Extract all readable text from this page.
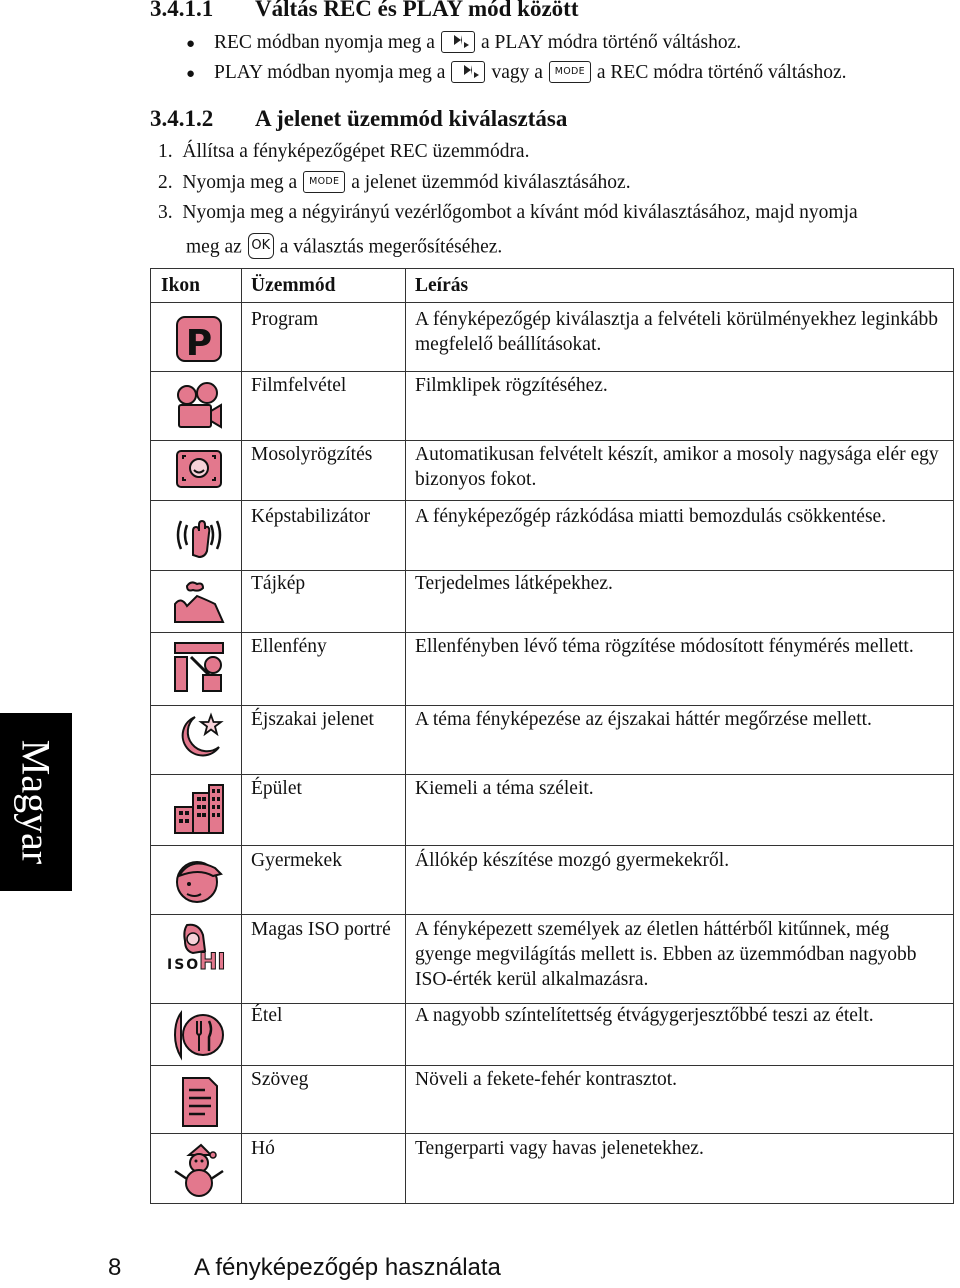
3.4.1.1 Váltás REC és PLAY mód között
● REC módban nyomja meg a a PLAY módra történő váltáshoz.
● PLAY módban nyomja meg a vagy a MODE a REC módra történő váltáshoz.
3.4.1.2 A jelenet üzemmód kiválasztása
1. Állítsa a fényképezőgépet REC üzemmódra.
2. Nyomja meg a MODE a jelenet üzemmód kiválasztásához.
3. Nyomja meg a négyirányú vezérlőgombot a kívánt mód kiválasztásához, majd nyomja
meg az OK a választás megerősítéséhez.
Ikon	Üzemmód	Leírás
P
Program	A fényképezőgép kiválasztja a felvételi körülményekhez leginkább megfelelő beállításokat.
Filmfelvétel	Filmklipek rögzítéséhez.
Mosolyrögzítés	Automatikusan felvételt készít, amikor a mosoly nagysága elér egy bizonyos fokot.
Képstabilizátor	A fényképezőgép rázkódása miatti bemozdulás csökkentése.
Tájkép	Terjedelmes látképekhez.
Ellenfény	Ellenfényben lévő téma rögzítése módosított fénymérés mellett.
Éjszakai jelenet	A téma fényképezése az éjszakai háttér megőrzése mellett.
Épület	Kiemeli a téma széleit.
Gyermekek	Állókép készítése mozgó gyermekekről.
ISO
HI
Magas ISO portré	A fényképezett személyek az életlen háttérből kitűnnek, még gyenge megvilágítás mellett is. Ebben az üzemmódban nagyobb ISO-érték kerül alkalmazásra.
Étel	A nagyobb színtelítettség étvágygerjesztőbbé teszi az ételt.
Szöveg	Növeli a fekete-fehér kontrasztot.
Hó	Tengerparti vagy havas jelenetekhez.
Magyar
8	A fényképezőgép használata
